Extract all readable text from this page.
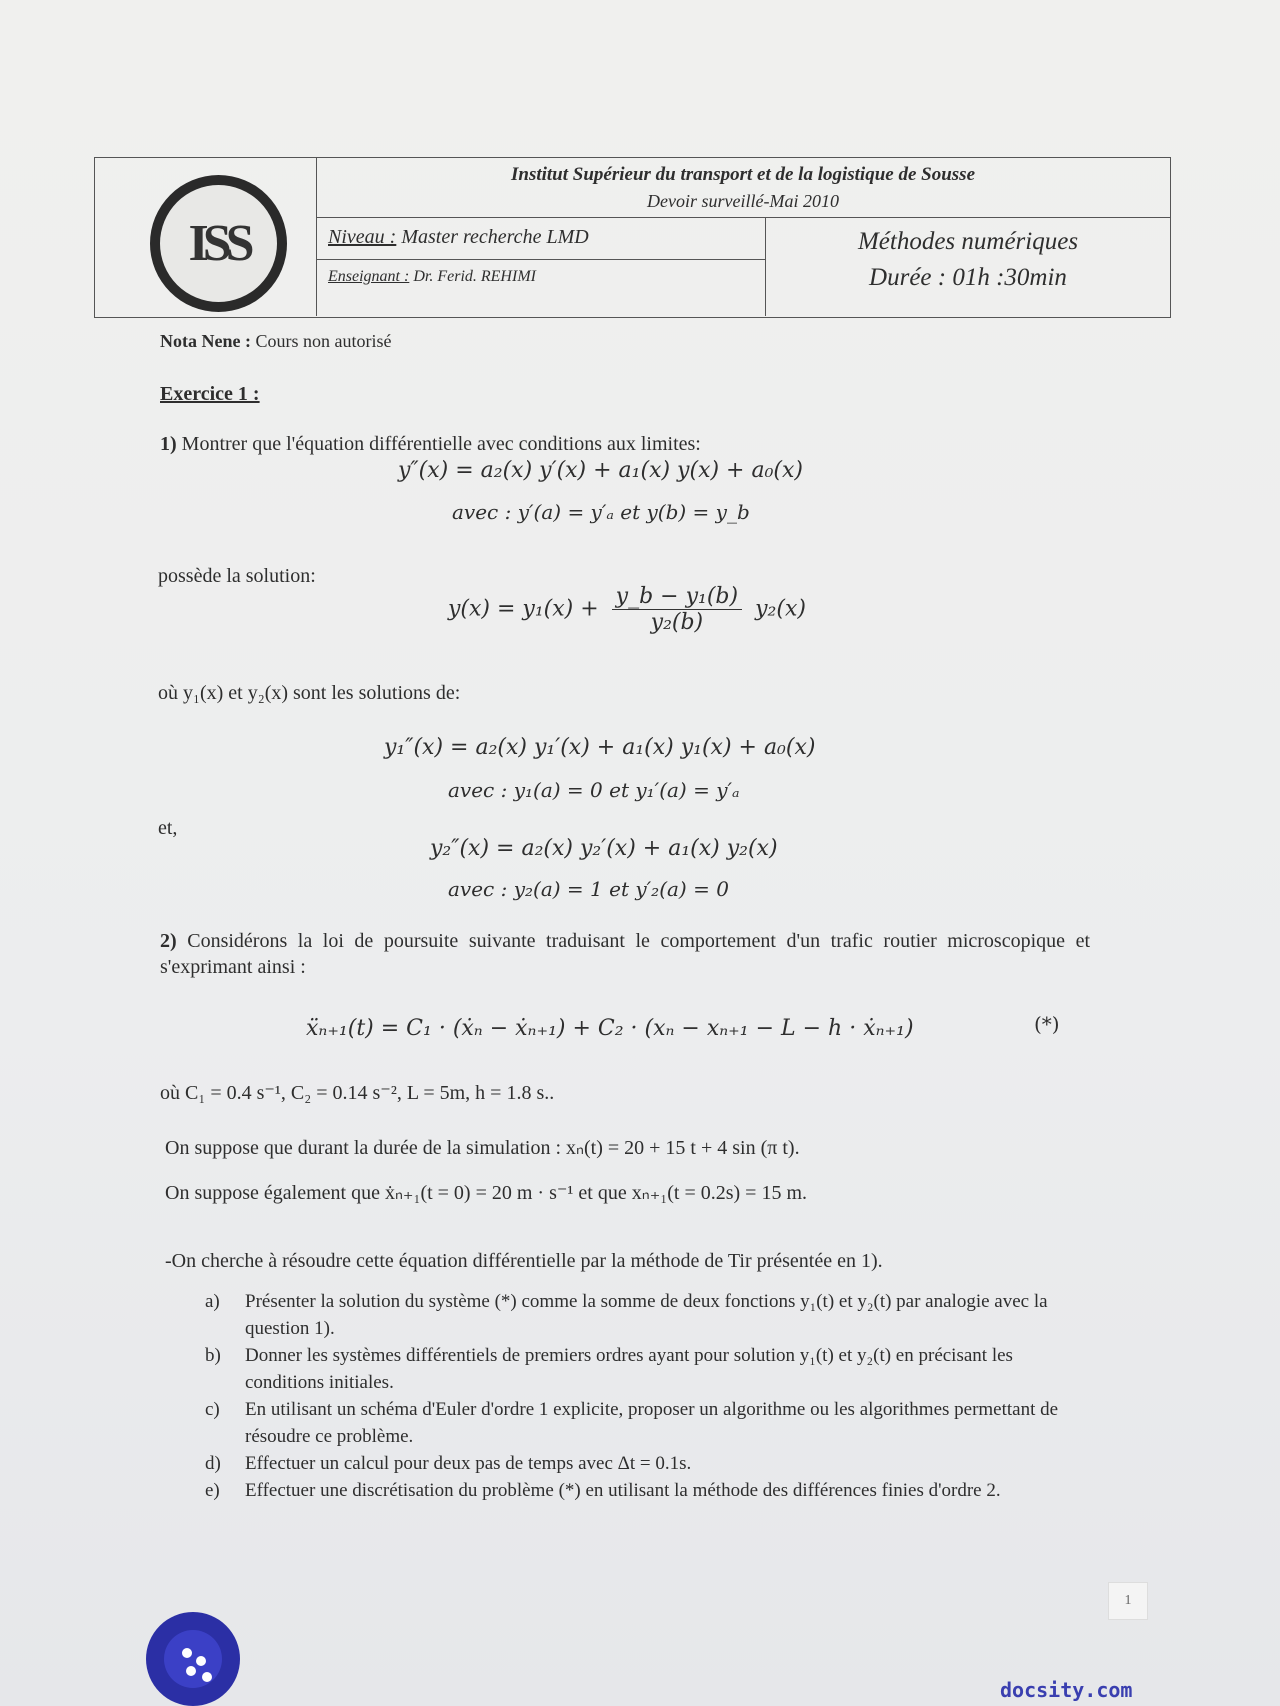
ISS
Institut Supérieur du transport et de la logistique de Sousse
Devoir surveillé-Mai 2010
Niveau : Master recherche LMD
Enseignant : Dr. Ferid. REHIMI
Méthodes numériques
Durée : 01h :30min
Nota Nene : Cours non autorisé
Exercice 1 :
1) Montrer que l'équation différentielle avec conditions aux limites:
y″(x) = a₂(x) y′(x) + a₁(x) y(x) + a₀(x)
avec : y′(a) = y′ₐ et y(b) = y_b
possède la solution:
$y(x) = y_1(x) + \frac{\text{y\_b − y₁(b)}}{\text{y₂(b)}} y_2(x)$
où y₁(x) et y₂(x) sont les solutions de:
y₁″(x) = a₂(x) y₁′(x) + a₁(x) y₁(x) + a₀(x)
avec : y₁(a) = 0 et y₁′(a) = y′ₐ
et,
y₂″(x) = a₂(x) y₂′(x) + a₁(x) y₂(x)
avec : y₂(a) = 1 et y′₂(a) = 0
2) Considérons la loi de poursuite suivante traduisant le comportement d'un trafic routier microscopique et s'exprimant ainsi :
ẍₙ₊₁(t) = C₁ · (ẋₙ − ẋₙ₊₁) + C₂ · (xₙ − xₙ₊₁ − L − h · ẋₙ₊₁)	(*)
où C₁ = 0.4 s⁻¹, C₂ = 0.14 s⁻², L = 5m, h = 1.8 s..
On suppose que durant la durée de la simulation : xₙ(t) = 20 + 15 t + 4 sin (π t).
On suppose également que ẋₙ₊₁(t = 0) = 20 m · s⁻¹ et que xₙ₊₁(t = 0.2s) = 15 m.
-On cherche à résoudre cette équation différentielle par la méthode de Tir présentée en 1).
a) Présenter la solution du système (*) comme la somme de deux fonctions y₁(t) et y₂(t) par analogie avec la question 1).
b) Donner les systèmes différentiels de premiers ordres ayant pour solution y₁(t) et y₂(t) en précisant les conditions initiales.
c) En utilisant un schéma d'Euler d'ordre 1 explicite, proposer un algorithme ou les algorithmes permettant de résoudre ce problème.
d) Effectuer un calcul pour deux pas de temps avec Δt = 0.1s.
e) Effectuer une discrétisation du problème (*) en utilisant la méthode des différences finies d'ordre 2.
1
docsity.com
